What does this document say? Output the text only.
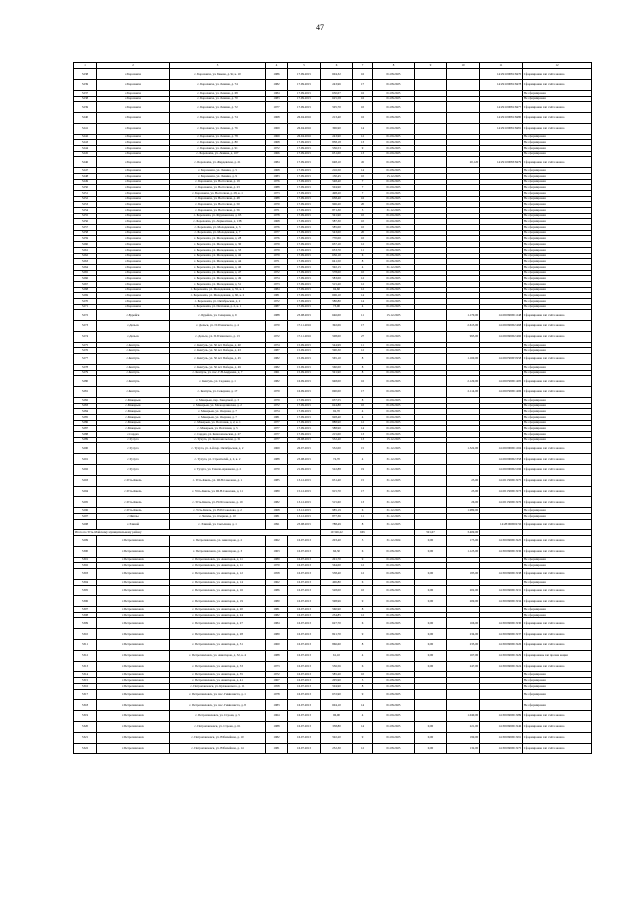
47
1	2	3	4	5	6	7	8	9	10	11	12
5238	с.Борохоиха	с. Борохоиха, ул. Бакова, д. 9г, к. 10	1986	17.09.2015	604,32	16	01.08.2025			14:29:100081:8470	Сформирован зап счёта можно
5239	с.Борохоиха	с. Борохоиха, ул. Ленина, д. 74	1982	17.09.2015	243,96	17	01.08.2025			14:29:100081:8478	Сформирован зап счёта можно
5237	с.Борохоиха	с. Борохоиха, ул. Ленина, д. 68	1984	17.09.2015	630,07	16	01.08.2025				Не сформирован
5238	с.Борохоиха	с. Борохоиха, ул. Ленина, д. 70	1983	17.09.2015	625,58	16	01.08.2025				Не сформирован
5239	с.Борохоиха	с. Борохоиха, ул. Ленина, д. 72	1977	17.09.2015	505,70	10	01.08.2025			14:29:100081:8477	Сформирован зап счёта можно
5240	с.Борохоиха	с. Борохоиха, ул. Ленина, д. 74	1968	26.04.2016	213,40	16	01.08.2025			14:29:100081:8480	Сформирован зап счёта можно
5241	с.Борохоиха	с. Борохоиха, ул. Ленина, д. 76	1969	26.04.2016	306,90	14	01.09.2025			14:29:100081:8481	Сформирован зап счёта можно
5242	с.Борохоиха	с. Борохоиха, ул. Ленина, д. 78	1969	26.04.2016	243,90	12	01.09.2025				Не сформирован
5243	с.Борохоиха	с. Борохоиха, ул. Ленина, д. 80	1968	17.09.2015	858,18	13	01.08.2025				Не сформирован
5244	с.Борохоиха	с. Борохоиха, ул. Ленина, д. 91	1972	17.09.2015	536,53	9	01.08.2025				Не сформирован
5245	с.Борохоиха	с. Борохоиха, ул. Ленина, д. 107	1966	17.09.2015	651,00	13	01.09.2025				Не сформирован
5246	с.Борохоиха	с. Борохоиха, ул. Жердевская, д. 21	1984	17.09.2015	648,10	45	01.08.2025		20,120	14:29:100083:8479	Сформирован зап счёта можно
5247	с.Борохоиха	с. Борохоиха, ул. Ленина, д. 5	1968	17.09.2015	216,50	14	01.08.2025				Не сформирован
5248	с.Борохоиха	с. Борохоиха, ул. Ленина, д. 9	1983	17.09.2015	130,45	10	15.12.2025				Не сформирован
5249	с.Борохоиха	с. Борохоиха, ул. Восточная, д. 19	1976	17.09.2015	548,40	7	01.08.2025				Не сформирован
5250	с.Борохоиха	с. Борохоиха, ул. Восточная, д. 23	1988	17.09.2015	504,90	7	01.09.2025				Не сформирован
5251	с.Борохоиха	с. Борохоиха, ул. Восточная, д. 28, к. 1	1973	17.09.2015	498,20	7	01.09.2025				Не сформирован
5252	с.Борохоиха	с. Борохоиха, ул. Восточная, д. 48	1988	17.09.2015	658,40	16	01.08.2025				Не сформирован
5253	с.Борохоиха	с. Борохоиха, ул. Восточная, д. 50	1970	17.09.2015	906,20	20	01.08.2025				Не сформирован
5254	с.Борохоиха	с. Борохоиха, ул. Восточная, д. 56	1971	17.09.2015	871,30	5	31.12.2025				Не сформирован
5255	с.Борохоиха	с. Борохоиха, ул. Фрунзенская, д. 65	1978	17.09.2015	591,90	10	01.09.2025				Не сформирован
5256	с.Борохоиха	с. Борохоиха, ул. Лермонтова, д. 138	1968	17.09.2015	587,30	10	01.09.2025				Не сформирован
5257	с.Борохоиха	с. Борохоиха, ул. Молодежная, д. 3	1976	17.09.2015	585,00	10	01.08.2025				Не сформирован
5258	с.Борохоиха	с. Борохоиха, ул. Молодежная, д. 7	1977	17.09.2015	543,00	20	01.09.2025				Не сформирован
5259	с.Борохоиха	с. Борохоиха, ул. Молодежная, д. 28	1976	17.09.2015	770,00	10	01.08.2025				Не сформирован
5260	с.Борохоиха	с. Борохоиха, ул. Молодежная, д. 30	1979	17.09.2015	657,10	12	01.08.2025				Не сформирован
5261	с.Борохоиха	с. Борохоиха, ул. Молодежная, д. 33	1979	17.09.2015	653,70	11	01.08.2025				Не сформирован
5262	с.Борохоиха	с. Борохоиха, ул. Молодежная, д. 42	1979	17.09.2015	656,10	6	01.08.2025				Не сформирован
5263	с.Борохоиха	с. Борохоиха, ул. Молодежная, д. 44	1971	17.09.2015	641,50	8	01.08.2025				Не сформирован
5264	с.Борохоиха	с. Борохоиха, ул. Молодежная, д. 46	1979	17.09.2015	592,15	4	31.12.2025				Не сформирован
5265	с.Борохоиха	с. Борохоиха, ул. Молодежная, д. 47	1972	17.09.2015	578,00	10	01.08.2025				Не сформирован
5266	с.Борохоиха	с. Борохоиха, ул. Молодежная, д. 49	1974	17.09.2015	583,00	12	01.08.2025				Не сформирован
5267	с.Борохоиха	с. Борохоиха, ул. Молодежная, д. 51	1973	17.09.2015	515,20	12	01.08.2025				Не сформирован
5268	с.Борохоиха	с. Борохоиха, ул. Молодежная, д. 55, к. 1	1984	17.09.2015	94,60	12	01.08.2025				Не сформирован
5269	с.Борохоиха	с. Борохоиха, ул. Молодежная, д. 60, к. 2	1981	17.09.2015	606,10	14	01.08.2025				Не сформирован
5270	с.Борохоиха	с. Борохоиха, ул. Октябрьская, д. 2	1972	17.09.2015	580,80	14	01.09.2025				Не сформирован
5271	с.Борохоиха	с. Борохоиха, ул. Почтовая, д. 2, к. 1	1987	17.09.2015	73,00	4	01.09.2025				Не сформирован
5272	с.Бурейск	с. Бурейск, ул. Северная, д. 9	1988	23.08.2015	646,00	11	15.12.2025		1.170,00	14:29:060001:248	Сформирован зап счёта можно
5273	с.Дельск	с. Дельск, ул. П.Усманского, д. 4	1970	17.11.2016	392,06	17	01.09.2025		2.613,00	14:29:060002:468	Сформирован зап счёта можно
5274	с.Дельск	с. Дельск, ул. П.Усманского, д. 13	1972	17.11.2016	508,00	27	01.09.2025		995,00	14:29:060002:460	Сформирован зап счёта можно
5275	с.Кентуль	с. Кентуль, ул. 50 лет Победы, д. 40	1974	15.09.2015	544,99	11	01.09.2024				Не сформирован
5276	с.Кентуль	с. Кентуль, ул. 50 лет Победы, д. 43	1987	15.09.2015	590,30	12	01.09.2025				Не сформирован
5277	с.Кентуль	с. Кентуль, ул. 50 лет Победы, д. 45	1982	15.09.2015	565,10	8	01.08.2025		1.160,00	14:29:050003:958	Сформирован зап счёта можно
5278	с.Кентуль	с. Кентуль, ул. 50 лет Победы, д. 49	1982	15.09.2015	560,00	8	01.09.2025				Не сформирован
5279	с.Кентуль	с. Кентуль, ул. пос. Г.Н.Андреева, д. 7	1961	15.09.2015	591,90	8	01.09.2025				Не сформирован
5280	с.Кентуль	с. Кентуль, ул. Садовая, д. 1	1982	16.09.2015	948,00	16	01.08.2025		2.129,00	14:29:050001:405	Сформирован зап счёта можно
5281	с.Кентуль	с. Кентуль, ул. Северная, д. 17	1979	16.09.2015	690,00	17	01.09.2025		2.114,00	14:29:050001:406	Сформирован зап счёта можно
5282	с.Макарьев	с. Макарьев, пер. Заводской, д. 3	1979	17.09.2015	637,55	8	01.09.2025				Не сформирован
5283	с.Макарьев	с. Макарьев, ул. Малоорлинская, д. 2	1972	17.09.2015	624,80	10	01.08.2025				Не сформирован
5284	с.Макарьев	с. Макарьев, ул. Озерная, д. 7	1974	17.09.2015	92,70	4	01.08.2025				Не сформирован
5285	с.Макарьев	с. Макарьев, ул. Озерная, д. 7	1981	17.09.2015	928,40	4	01.09.2025				Не сформирован
5286	с.Макарьев	с. Макарьев, ул. Почтовая, д. 2, к. 1	1977	17.09.2015	888,90	12	01.09.2025				Не сформирован
5287	с.Макарьев	с. Макарьев, ул. Почтовая, д. 5	1977	17.09.2015	588,90	14	01.09.2025				Не сформирован
5288	с.Сардах	с. Сардах, ул. Комсомольская, д. 27	1977	17.09.2015	215,00	13	01.08.2025				Не сформирован
5289	с.Тучуга	с. Тучуга, ул. Комсомольская, д. 31	1977	26.08.2015	532,40	13	15.12.2025				Не сформирован
5290	с.Тучуга	с. Тучуга, ул. 4-й пер. Октябрьская, д. 2	1969	26.07.2015	552,00	15	31.12.2025		1.322,00	14:29:090001:204	Сформирован зап счёта можно
5291	с.Тучуга	с. Тучуга, ул. Строителей, д. 2, к. 2	1988	23.08.2015	74,70	4	31.12.2025			14:29:090002:358	Сформирован зап счёта можно
5292	с.Тучуга	с. Тучуга, ул. Гаваля-Аржакова, д. 2	1970	21.09.2015	522,88	19	31.12.2025			14:29:090002:296	Сформирован зап счёта можно
5293	с.Усть-Киель	с. Усть-Киель, ул. Ш.Н.Соколова, д. 1	1985	13.12.2015	631,40	15	31.12.2025		23,00	14:29:150001:975	Сформирован зап счёта можно
5294	с.Усть-Киель	с. Усть-Киель, ул. Ш.Н.Соколова, д. 11	1989	15.12.2015	915,70	17	31.12.2025		23,00	14:29:150001:973	Сформирован зап счёта можно
5295	с.Усть-Киель	с. Усть-Киель, ул. Н.И.Соколова, д. 19	1982	13.12.2015	515,60	13	31.12.2025		26,00	14:29:150001:976	Сформирован зап счёта можно
5296	с.Усть-Киель	с. Усть-Киель, ул. Н.И.Соколова, д. 2	1968	13.12.2015	985,19	6	31.12.2025		1.989,00		Не сформирован
5297	с.Чиплы	с. Чиплы, ул. Озерная, д. 10	1981	13.12.2015	877,36	11	31.12.2025				Не сформирован
5298	с.Элинай	с. Элинай, ул. Сыгыхная, д. 1	1991	23.08.2015	788,49	8	31.12.2025			14:28:060002:56	Сформирован зап счёта можно
Итого по Усть-Майскому муниципальному району					10 326,22	665		591,67	3.409,00		
5299	г.Петропавловск	с. Петропавловск, ул. Авиаторов, д. 2	1962	16.07.2013	203,40	5	31.12.2024	0,00	173,00	14:30:060001:925	Сформирован зап счёта можно
5300	г.Петропавловск	с. Петропавловск, ул. Авиаторов, д. 3	1963	16.07.2013	66,30	6	01.08.2025	0,00	1.125,00	14:30:060001:936	Сформирован зап счёта можно
5301	г.Петропавловск	с. Петропавловск, ул. Авиаторов, д. 11	1989	16.07.2013	201,70	9	01.09.2025				Не сформирован
5302	г.Петропавловск	с. Петропавловск, ул. Авиаторов, д. 11	1970	16.07.2013	564,00	12	01.09.2025				Не сформирован
5303	г.Петропавловск	с. Петропавловск, ул. Авиаторов, д. 12	1958	16.07.2013	538,40	12	01.08.2025	0,00	183,00	14:30:060001:938	Сформирован зап счёта можно
5304	г.Петропавловск	с. Петропавловск, ул. Авиаторов, д. 14	1962	16.07.2013	406,80	6	01.08.2025				Не сформирован
5305	г.Петропавловск	с. Петропавловск, ул. Авиаторов, д. 16	1986	16.07.2013	528,00	10	01.08.2025	0,00	202,00	14:30:060001:931	Сформирован зап счёта можно
5306	г.Петропавловск	с. Петропавловск, ул. Авиаторов, д. 19	1980	16.07.2013	598,96	9	01.09.2025	0,00	209,00	14:30:060001:934	Сформирован зап счёта можно
5307	г.Петропавловск	с. Петропавловск, ул. Авиаторов, д. 20	1981	16.07.2013	560,90	8	01.08.2025				Не сформирован
5308	г.Петропавловск	с. Петропавловск, ул. Авиаторов, д. 24	1982	16.07.2013	254,85	12	01.08.2025				Не сформирован
5309	г.Петропавловск	с. Петропавловск, ул. Авиаторов, д. 27	1984	16.07.2013	627,70	6	01.08.2025	0,00	166,00	14:30:060001:930	Сформирован зап счёта можно
5310	г.Петропавловск	с. Петропавловск, ул. Авиаторов, д. 28	1989	16.07.2013	821,70	9	01.08.2025	0,00	234,00	14:30:060001:937	Сформирован зап счёта можно
5311	г.Петропавловск	с. Петропавловск, ул. Авиаторов, д. 31	1960	16.07.2013	866,60	8	01.08.2025	0,00	235,00	14:30:060001:926	Сформирован зап счёта можно
5312	г.Петропавловск	с. Петропавловск, ул. Авиаторов, д. 32, к. 4	1988	16.07.2013	61,10	4	01.09.2025	0,00	167,00	14:30:060001:929	Сформированы зап прочие акции
5313	г.Петропавловск	с. Петропавловск, ул. Авиаторов, д. 33	1973	16.07.2013	556,56	6	01.08.2025	0,00	247,00	14:30:060001:924	Сформирован зап счёта можно
5314	г.Петропавловск	с. Петропавловск, ул. Авиаторов, д. 35	1972	16.07.2013	585,20	10	01.09.2025				Не сформирован
5315	г.Петропавловск	с. Петропавловск, ул. Авиаторов, д. 41	1967	16.07.2013	205,90	5	01.08.2025				Не сформирован
5316	г.Петропавловск	с. Петропавловск, ул. Кулаковского, д. 11	1958	16.07.2013	504,90	8	01.08.2025				Не сформирован
5317	г.Петропавловск	с. Петропавловск, ул. пос. Гимназиста, д. 1	1978	16.07.2013	672,90	9	01.08.2025				Не сформирован
5318	г.Петропавловск	с. Петропавловск, ул. пос. Гимназиста, д. 8	1983	16.07.2013	604,10	14	01.08.2025				Не сформирован
5319	г.Петропавловск	с. Петропавловск, ул. Строев, д. 5	1964	16.07.2013	96,00	4	01.09.2025		1.040,00	14:30:060001:989	Сформирован зап счёта можно
5320	г.Петропавловск	с. Петропавловск, ул. Строев, д. 61	1988	16.07.2013	338,80	14	01.08.2025	0,00	221,00	14:30:060001:946	Сформирован зап счёта можно
5321	г.Петропавловск	с. Петропавловск, ул. Юбилейная, д. 10	1982	16.07.2013	592,20	9	01.09.2025	0,00	199,00	14:30:060001:991	Сформирован зап счёта можно
5322	г.Петропавловск	с. Петропавловск, ул. Юбилейная, д. 14	1981	16.07.2013	252,30	12	01.08.2025	0,00	132,00	14:30:060001:975	Сформирован зап счёта можно
